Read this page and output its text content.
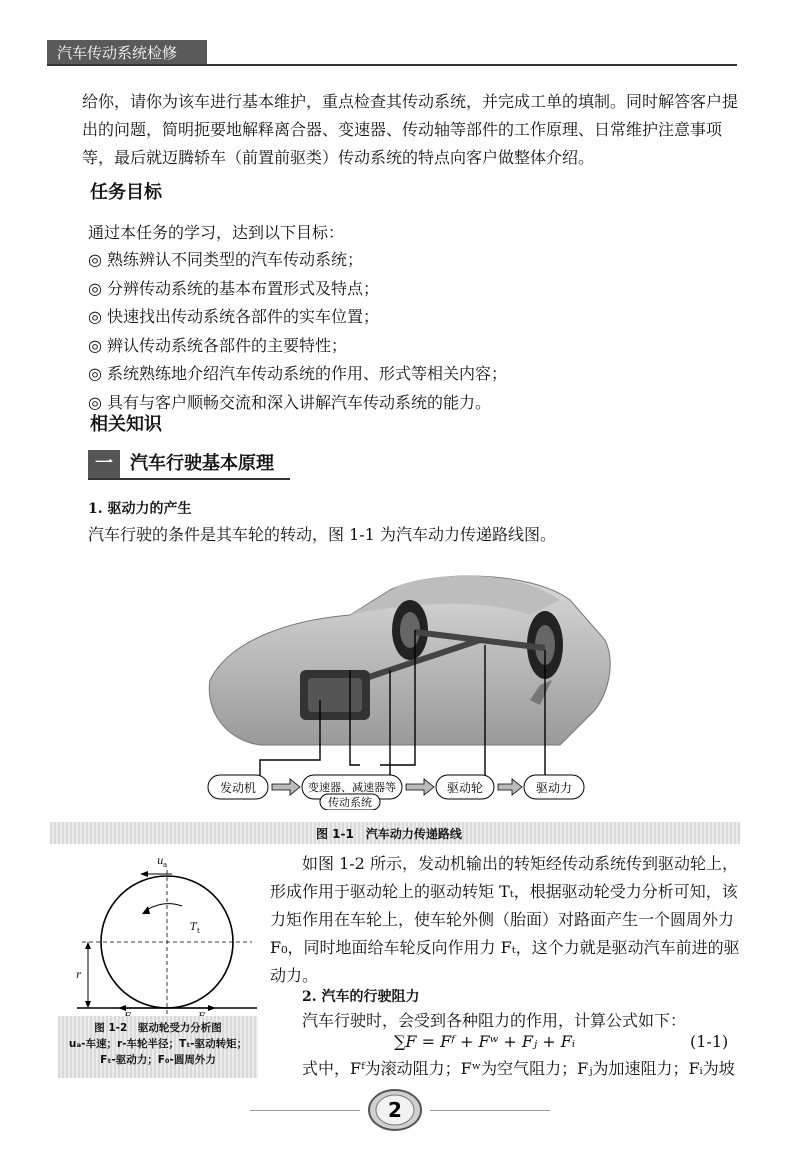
汽车传动系统检修
给你，请你为该车进行基本维护，重点检查其传动系统，并完成工单的填制。同时解答客户提出的问题，简明扼要地解释离合器、变速器、传动轴等部件的工作原理、日常维护注意事项等，最后就迈腾轿车（前置前驱类）传动系统的特点向客户做整体介绍。
任务目标
通过本任务的学习，达到以下目标：
◎ 熟练辨认不同类型的汽车传动系统；
◎ 分辨传动系统的基本布置形式及特点；
◎ 快速找出传动系统各部件的实车位置；
◎ 辨认传动系统各部件的主要特性；
◎ 系统熟练地介绍汽车传动系统的作用、形式等相关内容；
◎ 具有与客户顺畅交流和深入讲解汽车传动系统的能力。
相关知识
一 汽车行驶基本原理
1. 驱动力的产生
汽车行驶的条件是其车轮的转动，图 1-1 为汽车动力传递路线图。
发动机	变速器、减速器等
传动系统
驱动轮	驱动力
图 1-1　汽车动力传递路线
u a
T t
r
图 1-2　驱动轮受力分析图
uₐ-车速；r-车轮半径；Tₜ-驱动转矩；
Fₜ-驱动力；F₀-圆周外力
如图 1-2 所示，发动机输出的转矩经传动系统传到驱动轮上，形成作用于驱动轮上的驱动转矩 Tₜ，根据驱动轮受力分析可知，该力矩作用在车轮上，使车轮外侧（胎面）对路面产生一个圆周外力 F₀，同时地面给车轮反向作用力 Fₜ，这个力就是驱动汽车前进的驱动力。
2. 汽车的行驶阻力
汽车行驶时，会受到各种阻力的作用，计算公式如下：
∑F = Fᶠ + Fʷ + Fⱼ + Fᵢ	(1-1)
式中，Fᶠ为滚动阻力；Fʷ为空气阻力；Fⱼ为加速阻力；Fᵢ为坡
2
